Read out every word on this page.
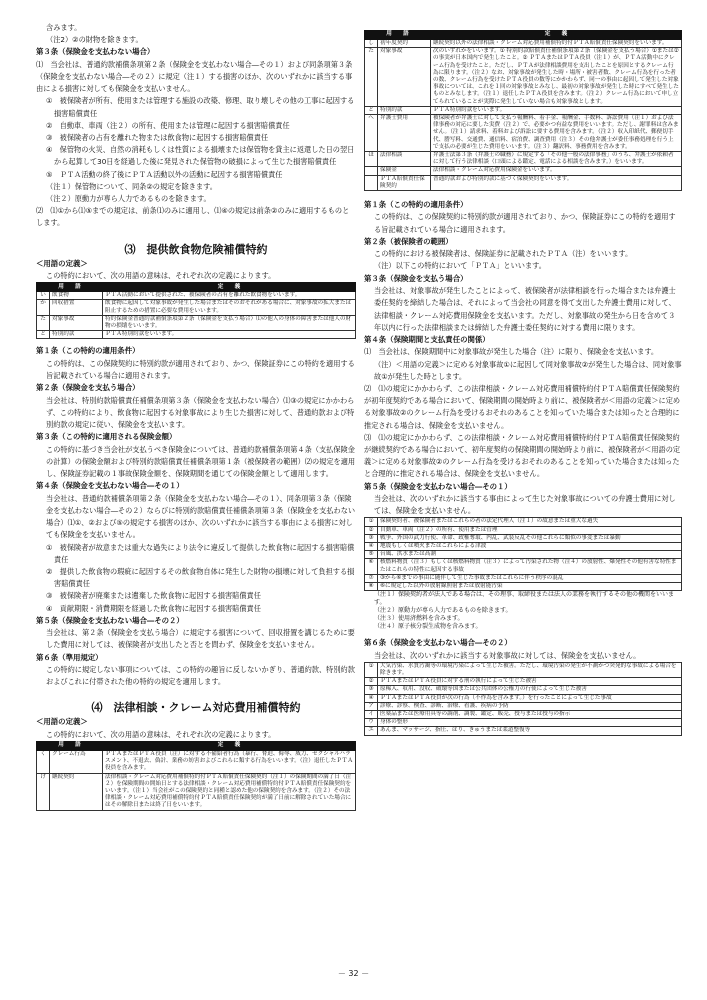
含みます。

（注2）②の財物を除きます。

第３条（保険金を支払わない場合）

⑴　当会社は、普通約款補償条項第２条（保険金を支払わない場合―その１）および同条項第３条（保険金を支払わない場合―その２）に規定（注１）する損害のほか、次のいずれかに該当する事由による損害に対しても保険金を支払いません。

①　被保険者が所有、使用または管理する施設の改築、修理、取り壊しその他の工事に起因する損害賠償責任

②　自動車、車両（注２）の所有、使用または管理に起因する損害賠償責任

③　被保険者の占有を離れた物または飲食物に起因する損害賠償責任

④　保管物の火災、自然の消耗もしくは性質による損壊または保管物を貸主に返還した日の翌日から起算して30日を経過した後に発見された保管物の破損によって生じた損害賠償責任

⑤　ＰＴＡ活動の終了後にＰＴＡ活動以外の活動に起因する損害賠償責任

（注１）保管物について、同条②の規定を除きます。

（注２）原動力が専ら人力であるものを除きます。

⑵　⑴①から⑴⑤までの規定は、前条⑴のみに適用し、⑴④の規定は前条②のみに適用するものとします。

⑶　提供飲食物危険補償特約

＜用語の定義＞

この特約において、次の用語の意味は、それぞれ次の定義によります。

用　　語		定　　義
い	飲食物	ＰＴＡ活動において提供された、被保険者の占有を離れた飲食物をいいます。
か	回収措置	飲食物に起因して対象事故が発生した場合またはそのおそれがある場合に、対象事故の拡大または阻止するための措置に必要な費用をいいます。
た	対象事故	特約保険金普通約款補償条項第２条（保険金を支払う場合）⑴の他人の身体の障害または他人の財物の損壊をいいます。
と	特別約款	ＰＴＡ特別約款をいいます。

第１条（この特約の適用条件）

この特約は、この保険契約に特別約款が適用されており、かつ、保険証券にこの特約を適用する旨記載されている場合に適用されます。

第２条（保険金を支払う場合）

当会社は、特別約款賠償責任補償条項第３条（保険金を支払わない場合）⑴③の規定にかかわらず、この特約により、飲食物に起因する対象事故により生じた損害に対して、普通約款および特別約款の規定に従い、保険金を支払います。

第３条（この特約に適用される保険金額）

この特約に基づき当会社が支払うべき保険金については、普通約款補償条項第４条（支払保険金の計算）の保険金額および特別約款賠償責任補償条項第１条（被保険者の範囲）⑵の規定を適用し、保険証券記載の１事故保険金額を、保険期間を通じての保険金額として適用します。

第４条（保険金を支払わない場合―その１）

当会社は、普通約款補償条項第２条（保険金を支払わない場合―その１）、同条項第３条（保険金を支払わない場合―その２）ならびに特別約款賠償責任補償条項第３条（保険金を支払わない場合）⑴①、②および⑤の規定する損害のほか、次のいずれかに該当する事由による損害に対しても保険金を支払いません。

①　被保険者が故意または重大な過失により法令に違反して提供した飲食物に起因する損害賠償責任

②　提供した飲食物の瑕疵に起因するその飲食物自体に発生した財物の損壊に対して負担する損害賠償責任

③　被保険者が廃棄または遺棄した飲食物に起因する損害賠償責任

④　貢献期限・消費期限を経過した飲食物に起因する損害賠償責任

第５条（保険金を支払わない場合―その２）

当会社は、第２条（保険金を支払う場合）に規定する損害について、回収措置を講じるために要した費用に対しては、被保険者が支出したと否とを問わず、保険金を支払いません。

第６条（準用規定）

この特約に規定しない事項については、この特約の趣旨に反しないかぎり、普通約款、特別約款およびこれに付帯された他の特約の規定を適用します。

⑷　法律相談・クレーム対応費用補償特約

＜用語の定義＞

この特約において、次の用語の意味は、それぞれ次の定義によります。

用　　語		定　　義
く	クレーム行為	ＰＴＡまたはＰＴＡ役員（注）に対する不備給者行為（暴行、脅迫、侮辱、威力、セクシャルハラスメント、不退去、偽計、業務の妨害およびこれらに類する行為をいいます。（注）退任したＰＴＡ役員を含みます。
け	継続契約	法律相談・クレーム対応費用補償特約付ＰＴＡ賠償責任保険契約（注１）の保険期間の満了日（注２）を保険期間の開始日とする法律相談・クレーム対応費用補償特約付ＰＴＡ賠償責任保険契約をいいます。（注１）当会社がこの保険契約と同種と認めた他の保険契約を含みます。（注２）その法律相談・クレーム対応費用補償特約付ＰＴＡ賠償責任保険契約が満了日前に解除されていた場合にはその解除日または終了日をいいます。
用　　語		定　　義
し	初年度契約	継続契約以外の法律相談・クレーム対応費用補償特約付ＰＴＡ賠償責任保険契約をいいます。
た	対象事故	次のいずれかをいいます。① 特別約款賠償責任補償条項第２条（保険金を支払う場合）①または②の事実が日本国内で発生したこと。② ＰＴＡまたはＰＴＡ役員（注１）が、ＰＴＡ活動中にクレーム行為を受けたこと。ただし、ＰＴＡが法律相談費用を支出したことを原因とするクレーム行為に限ります。（注２）なお、対象事故が発生した時・場所・被害者数、クレーム行為を行った者の数、クレーム行為を受けたＰＴＡ役員の数等にかかわらず、同一の事由に起因して発生した対象事故については、これを１回の対象事故とみなし、最初の対象事故が発生した時にすべて発生したものとみなします。（注１）退任したＰＴＡ役員を含みます。（注２）クレーム行為において申し立てられていることが実際に発生していない場合も対象事故とします。
と	特別約款	ＰＴＡ特別約款をいいます。
へ	弁護士費用	被保険者が弁護士に対して支払う報酬料、着手金、報酬金、手数料、訴訟費用（注１）および法律事務の対応に要した実費（注２）で、必要かつ有益な費用をいいます。ただし、謝罪料は含みません。（注１）請求料、着料および訴訟に要する費用を含みます。（注２）収入印紙代、郵便切手代、謄写料、交通費、通信料、宿泊費、調査費用（注３）その他弁護士が委任事務処理を行う上で支払の必要が生じた費用をいいます。（注３）翻訳料、事務費用を含みます。
ほ	法律相談	弁護士法第３条（弁護士の職務）に規定する「その他一般の法律事務」のうち、弁護士が依頼者に対して行う法律相談（口頭による鑑定、電話による相談を含みます。）をいいます。
	保険金	法律相談・クレーム対応費用保険金をいいます。
	ＰＴＡ賠償責任保険契約	普通約款および特別約款に基づく保険契約をいいます。

第１条（この特約の適用条件）

この特約は、この保険契約に特別約款が適用されており、かつ、保険証券にこの特約を適用する旨記載されている場合に適用されます。

第２条（被保険者の範囲）

この特約における被保険者は、保険証券に記載されたＰＴＡ（注）をいいます。

（注）以下この特約において「ＰＴＡ」といいます。

第３条（保険金を支払う場合）

当会社は、対象事故が発生したことによって、被保険者が法律相談を行った場合または弁護士委任契約を締結した場合は、それによって当会社の同意を得て支出した弁護士費用に対して、法律相談・クレーム対応費用保険金を支払います。ただし、対象事故の発生から日を含めて３年以内に行った法律相談または締結した弁護士委任契約に対する費用に限ります。

第４条（保険期間と支払責任の関係）

⑴　当会社は、保険期間中に対象事故が発生した場合（注）に限り、保険金を支払います。

（注）＜用語の定義＞に定める対象事故①に起因して同対象事故②が発生した場合は、同対象事故①が発生した時とします。

⑵　⑴の規定にかかわらず、この法律相談・クレーム対応費用補償特約付ＰＴＡ賠償責任保険契約が初年度契約である場合において、保険期間の開始時より前に、被保険者が＜用語の定義＞に定める対象事故②のクレーム行為を受けるおそれのあることを知っていた場合または知ったと合理的に推定される場合は、保険金を支払いません。

⑶　⑴の規定にかかわらず、この法律相談・クレーム対応費用補償特約付ＰＴＡ賠償責任保険契約が継続契約である場合において、初年度契約の保険期間の開始時より前に、被保険者が＜用語の定義＞に定める対象事故②のクレーム行為を受けるおそれのあることを知っていた場合または知ったと合理的に推定される場合は、保険金を支払いません。

第５条（保険金を支払わない場合―その１）

当会社は、次のいずれかに該当する事由によって生じた対象事故についての弁護士費用に対しては、保険金を支払いません。

①	保険契約者、被保険者またはこれらの者の法定代理人（注１）の故意または重大な過失
②	自動車、車両（注２）の所有、使用または管理
③	戦争、外国の武力行使、革命、政権奪取、内乱、武装反乱その他これらに類似の事変または暴動
④	地震もしくは噴火またはこれらによる津波
⑤	台風、洪水または高潮
⑥	核燃料物質（注３）もしくは核燃料物質（注３）によって汚染された物（注４）の放射性、爆発性その他有害な特性またはこれらの特性に起因する事故
⑦	③から⑥までの事由に随伴して生じた事故またはこれらに伴う秩序の混乱
⑧	⑥に規定した以外の放射線照射または放射能汚染

（注１）保険契約者が法人である場合は、その理事、取締役または法人の業務を執行するその他の機関をいいます。

（注２）原動力が専ら人力であるものを除きます。

（注３）使用済燃料を含みます。

（注４）原子核分裂生成物を含みます。

第６条（保険金を支払わない場合―その２）

当会社は、次のいずれかに該当する対象事故に対しては、保険金を支払いません。

①	大気汚染、水質汚濁等の環境汚染によって生じた被害。ただし、環境汚染の発生が不測かつ突発的な事故による場合を除きます。
②	ＰＴＡまたはＰＴＡ役員に対する刑の執行によって生じた被害
③	原稀入、収用、没収、破壊等国または公共団体の公権力の行使によって生じた被害
④	ＰＴＡまたはＰＴＡ役員が次の行為（不作為を含みます。）を行ったことによって生じた事故
ア	診療、診察、検査、診断、治療、看護、疾病の予防
イ	医薬品または医療用具等の調剤、調製、鑑定、販売、授与または授与の指示
ウ	身体の整形
エ	あんま、マッサージ、指圧、はり、きゅうまたは柔道整復等
－ 32 －
